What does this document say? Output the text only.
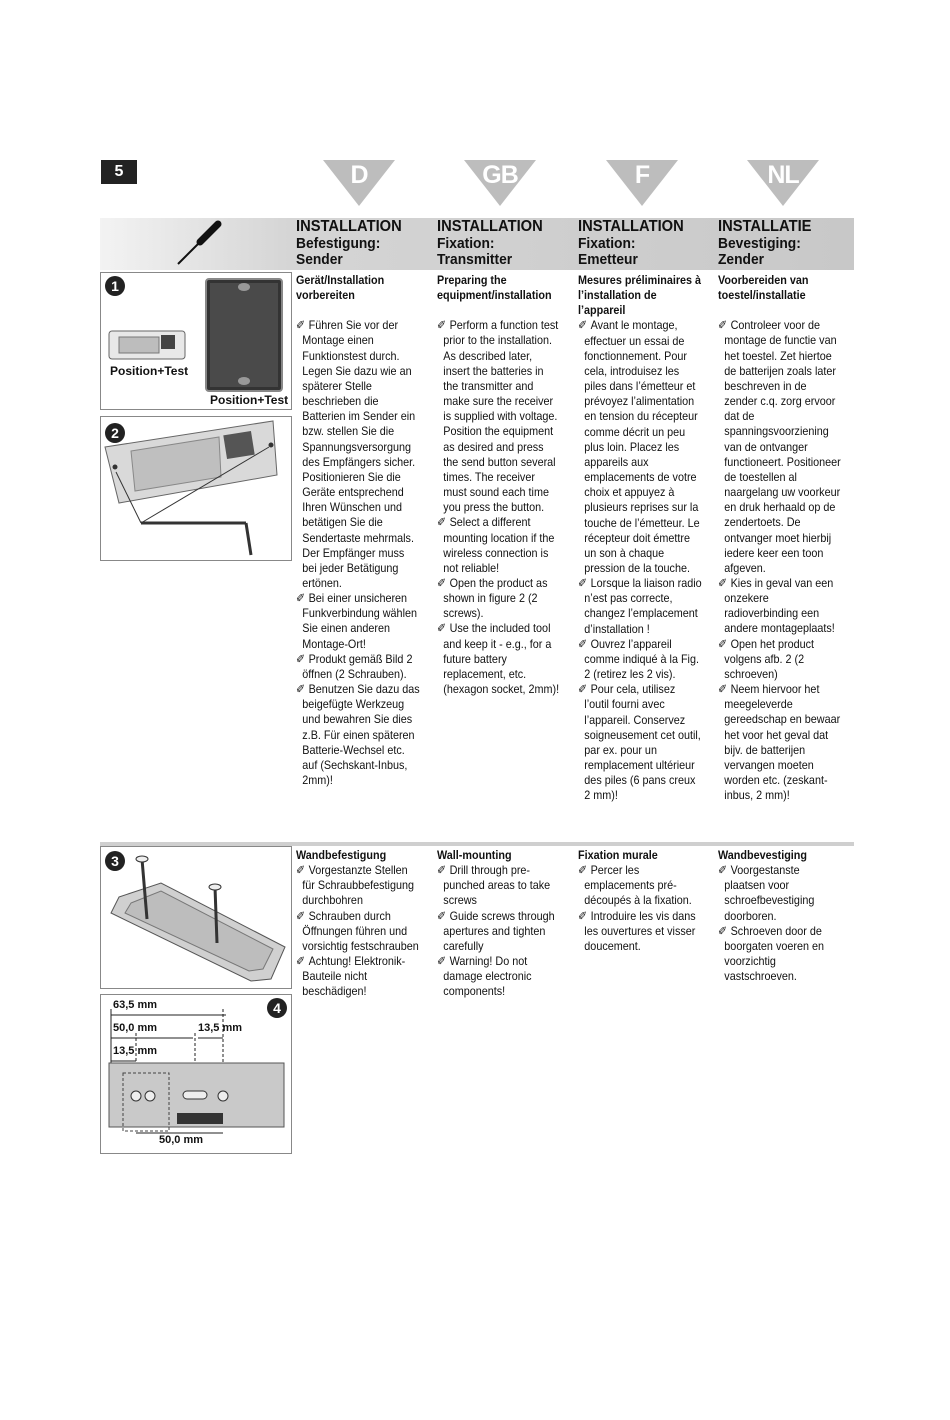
5	D	GB	F	NL
INSTALLATION
Befestigung:
Sender
INSTALLATION
Fixation:
Transmitter
INSTALLATION
Fixation:
Emetteur
INSTALLATIE
Bevestiging:
Zender
Gerät/Installation vorbereiten

✐ Führen Sie vor der Montage einen Funktionstest durch. Legen Sie dazu wie an späterer Stelle beschrieben die Batterien im Sender ein bzw. stellen Sie die Spannungsversorgung des Empfängers sicher. Positionieren Sie die Geräte entsprechend Ihren Wünschen und betätigen Sie die Sendertaste mehrmals. Der Empfänger muss bei jeder Betätigung ertönen.

✐ Bei einer unsicheren Funkverbindung wählen Sie einen anderen Montage-Ort!

✐ Produkt gemäß Bild 2 öffnen (2 Schrauben).

✐ Benutzen Sie dazu das beigefügte Werkzeug und bewahren Sie dies z.B. Für einen späteren Batterie-Wechsel etc. auf (Sechskant-Inbus, 2mm)!

Preparing the equipment/installation

✐ Perform a function test prior to the installation. As described later, insert the batteries in the transmitter and make sure the receiver is supplied with voltage. Position the equipment as desired and press the send button several times. The receiver must sound each time you press the button.

✐ Select a different mounting location if the wireless connection is not reliable!

✐ Open the product as shown in figure 2 (2 screws).

✐ Use the included tool and keep it - e.g., for a future battery replacement, etc. (hexagon socket, 2mm)!

Mesures préliminaires à l’installation de l’appareil

✐ Avant le montage, effectuer un essai de fonctionnement. Pour cela, introduisez les piles dans l’émetteur et prévoyez l’alimentation en tension du récepteur comme décrit un peu plus loin. Placez les appareils aux emplacements de votre choix et appuyez à plusieurs reprises sur la touche de l’émetteur. Le récepteur doit émettre un son à chaque pression de la touche.

✐ Lorsque la liaison radio n’est pas correcte, changez l’emplacement d’installation !

✐ Ouvrez l’appareil comme indiqué à la Fig. 2 (retirez les 2 vis).

✐ Pour cela, utilisez l’outil fourni avec l’appareil. Conservez soigneusement cet outil, par ex. pour un remplacement ultérieur des piles (6 pans creux 2 mm)!

Voorbereiden van toestel/installatie

✐ Controleer voor de montage de functie van het toestel. Zet hiertoe de batterijen zoals later beschreven in de zender c.q. zorg ervoor dat de spanningsvoorziening van de ontvanger functioneert. Positioneer de toestellen al naargelang uw voorkeur en druk herhaald op de zendertoets. De ontvanger moet hierbij iedere keer een toon afgeven.

✐ Kies in geval van een onzekere radioverbinding een andere montageplaats!

✐ Open het product volgens afb. 2 (2 schroeven)

✐ Neem hiervoor het meegeleverde gereedschap en bewaar het voor het geval dat bijv. de batterijen vervangen moeten worden etc. (zeskant-inbus, 2 mm)!

1
Position+Test
Position+Test
2
3
4
63,5 mm
50,0 mm	13,5 mm
13,5 mm
50,0 mm
Wandbefestigung

✐ Vorgestanzte Stellen für Schraubbefestigung durchbohren

✐ Schrauben durch Öffnungen führen und vorsichtig festschrauben

✐ Achtung! Elektronik-Bauteile nicht beschädigen!

Wall-mounting

✐ Drill through pre-punched areas to take screws

✐ Guide screws through apertures and tighten carefully

✐ Warning! Do not damage electronic components!

Fixation murale

✐ Percer les emplacements pré-découpés à la fixation.

✐ Introduire les vis dans les ouvertures et visser doucement.

Wandbevestiging

✐ Voorgestanste plaatsen voor schroefbevestiging doorboren.

✐ Schroeven door de boorgaten voeren en voorzichtig vastschroeven.
